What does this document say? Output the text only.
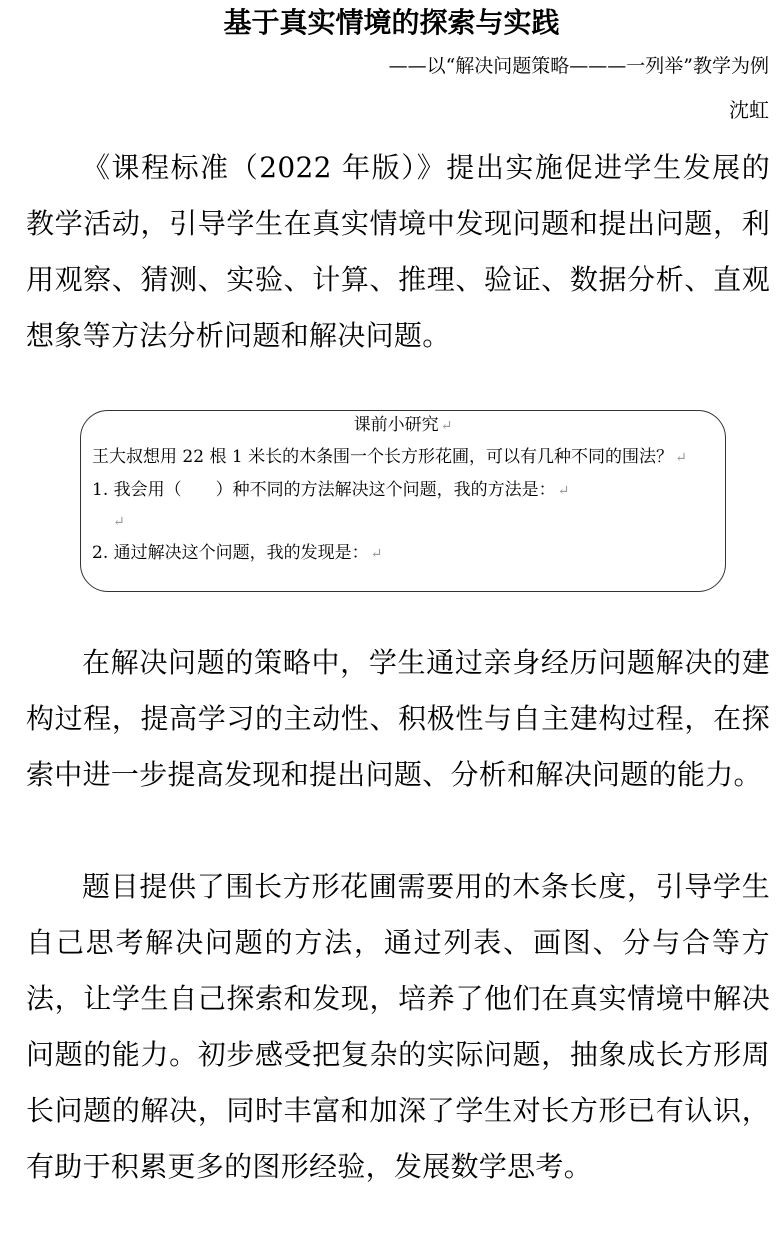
基于真实情境的探索与实践
——以“解决问题策略———一列举”教学为例
沈虹

《课程标准（2022 年版）》提出实施促进学生发展的教学活动，引导学生在真实情境中发现问题和提出问题，利用观察、猜测、实验、计算、推理、验证、数据分析、直观想象等方法分析问题和解决问题。

课前小研究 ↵
王大叔想用 22 根 1 米长的木条围一个长方形花圃，可以有几种不同的围法？ ↵
1. 我会用（　　）种不同的方法解决这个问题，我的方法是： ↵
↵
2. 通过解决这个问题，我的发现是： ↵

在解决问题的策略中，学生通过亲身经历问题解决的建构过程，提高学习的主动性、积极性与自主建构过程，在探索中进一步提高发现和提出问题、分析和解决问题的能力。

题目提供了围长方形花圃需要用的木条长度，引导学生自己思考解决问题的方法，通过列表、画图、分与合等方法，让学生自己探索和发现，培养了他们在真实情境中解决问题的能力。初步感受把复杂的实际问题，抽象成长方形周长问题的解决，同时丰富和加深了学生对长方形已有认识，有助于积累更多的图形经验，发展数学思考。
